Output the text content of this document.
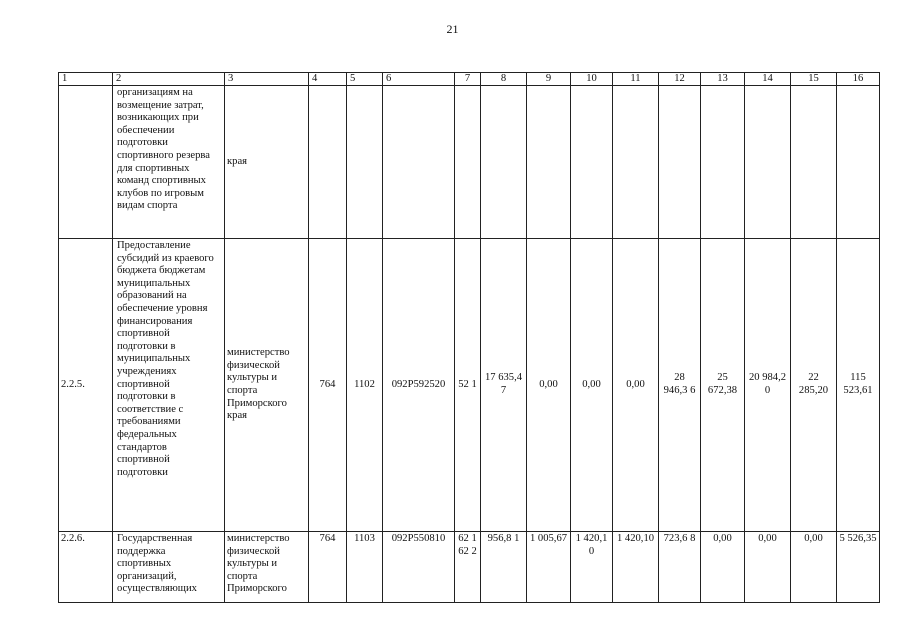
21
1	2	3	4	5	6	7	8	9	10	11	12	13	14	15	16
	организациям на возмещение затрат, возникающих при обеспечении подготовки спортивного резерва для спортивных команд спортивных клубов по игровым видам спорта	края													
2.2.5.	Предоставление субсидий из краевого бюджета бюджетам муниципальных образований на обеспечение уровня финансирования спортивной подготовки в муниципальных учреждениях спортивной подготовки в соответствие с требованиями федеральных стандартов спортивной подготовки	министерство физической культуры и спорта Приморского края	764	1102	092P592520	52 1	17 635,4 7	0,00	0,00	0,00	28 946,3 6	25 672,38	20 984,2 0	22 285,20	115 523,61
2.2.6.	Государственная поддержка спортивных организаций, осуществляющих	министерство физической культуры и спорта Приморского	764	1103	092P550810	62 1 62 2	956,8 1	1 005,67	1 420,1 0	1 420,10	723,6 8	0,00	0,00	0,00	5 526,35
